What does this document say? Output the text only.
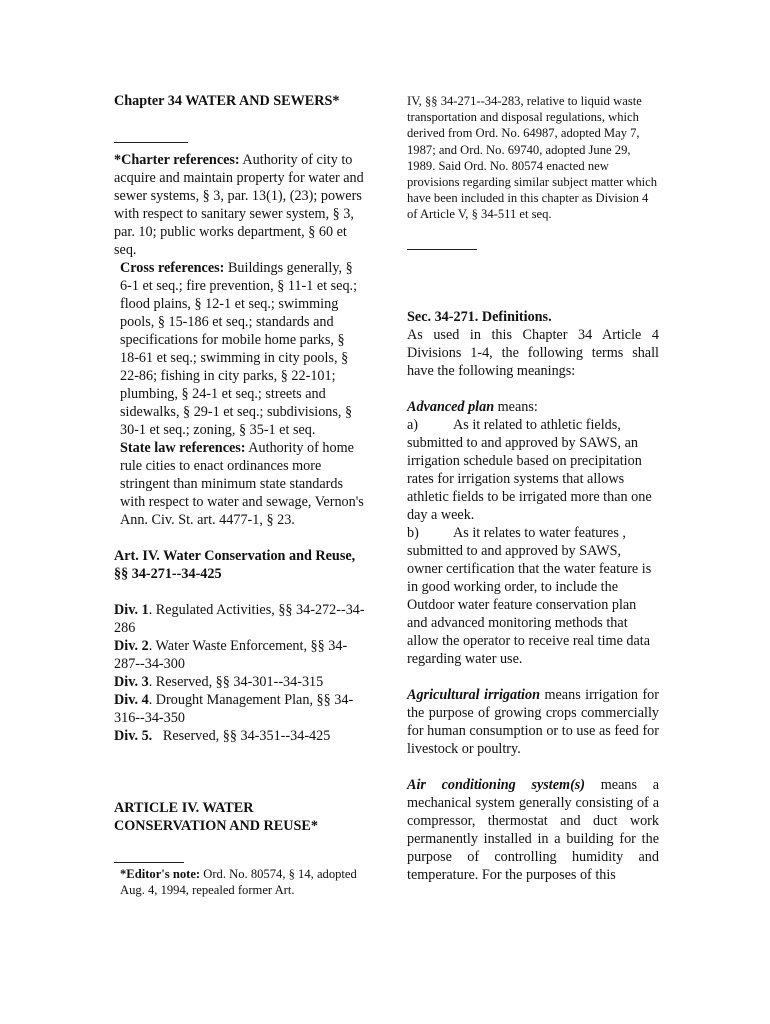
Chapter 34 WATER AND SEWERS*

*Charter references: Authority of city to acquire and maintain property for water and sewer systems, § 3, par. 13(1), (23); powers with respect to sanitary sewer system, § 3, par. 10; public works department, § 60 et seq.

Cross references: Buildings generally, § 6-1 et seq.; fire prevention, § 11-1 et seq.; flood plains, § 12-1 et seq.; swimming pools, § 15-186 et seq.; standards and specifications for mobile home parks, § 18-61 et seq.; swimming in city pools, § 22-86; fishing in city parks, § 22-101; plumbing, § 24-1 et seq.; streets and sidewalks, § 29-1 et seq.; subdivisions, § 30-1 et seq.; zoning, § 35-1 et seq.

State law references: Authority of home rule cities to enact ordinances more stringent than minimum state standards with respect to water and sewage, Vernon's Ann. Civ. St. art. 4477-1, § 23.

Art. IV. Water Conservation and Reuse, §§ 34-271--34-425

Div. 1. Regulated Activities, §§ 34-272--34-286

Div. 2. Water Waste Enforcement, §§ 34-287--34-300

Div. 3. Reserved, §§ 34-301--34-315

Div. 4. Drought Management Plan, §§ 34-316--34-350

Div. 5.   Reserved, §§ 34-351--34-425

ARTICLE IV. WATER CONSERVATION AND REUSE*

*Editor's note: Ord. No. 80574, § 14, adopted Aug. 4, 1994, repealed former Art.

IV, §§ 34-271--34-283, relative to liquid waste transportation and disposal regulations, which derived from Ord. No. 64987, adopted May 7, 1987; and Ord. No. 69740, adopted June 29, 1989. Said Ord. No. 80574 enacted new provisions regarding similar subject matter which have been included in this chapter as Division 4 of Article V, § 34-511 et seq.

Sec. 34-271. Definitions.

As used in this Chapter 34 Article 4 Divisions 1-4, the following terms shall have the following meanings:

Advanced plan means:

a) As it related to athletic fields, submitted to and approved by SAWS, an irrigation schedule based on precipitation rates for irrigation systems that allows athletic fields to be irrigated more than one day a week.

b) As it relates to water features , submitted to and approved by SAWS, owner certification that the water feature is in good working order, to include the Outdoor water feature conservation plan and advanced monitoring methods that allow the operator to receive real time data regarding water use.

Agricultural irrigation means irrigation for the purpose of growing crops commercially for human consumption or to use as feed for livestock or poultry.

Air conditioning system(s) means a mechanical system generally consisting of a compressor, thermostat and duct work permanently installed in a building for the purpose of controlling humidity and temperature. For the purposes of this
